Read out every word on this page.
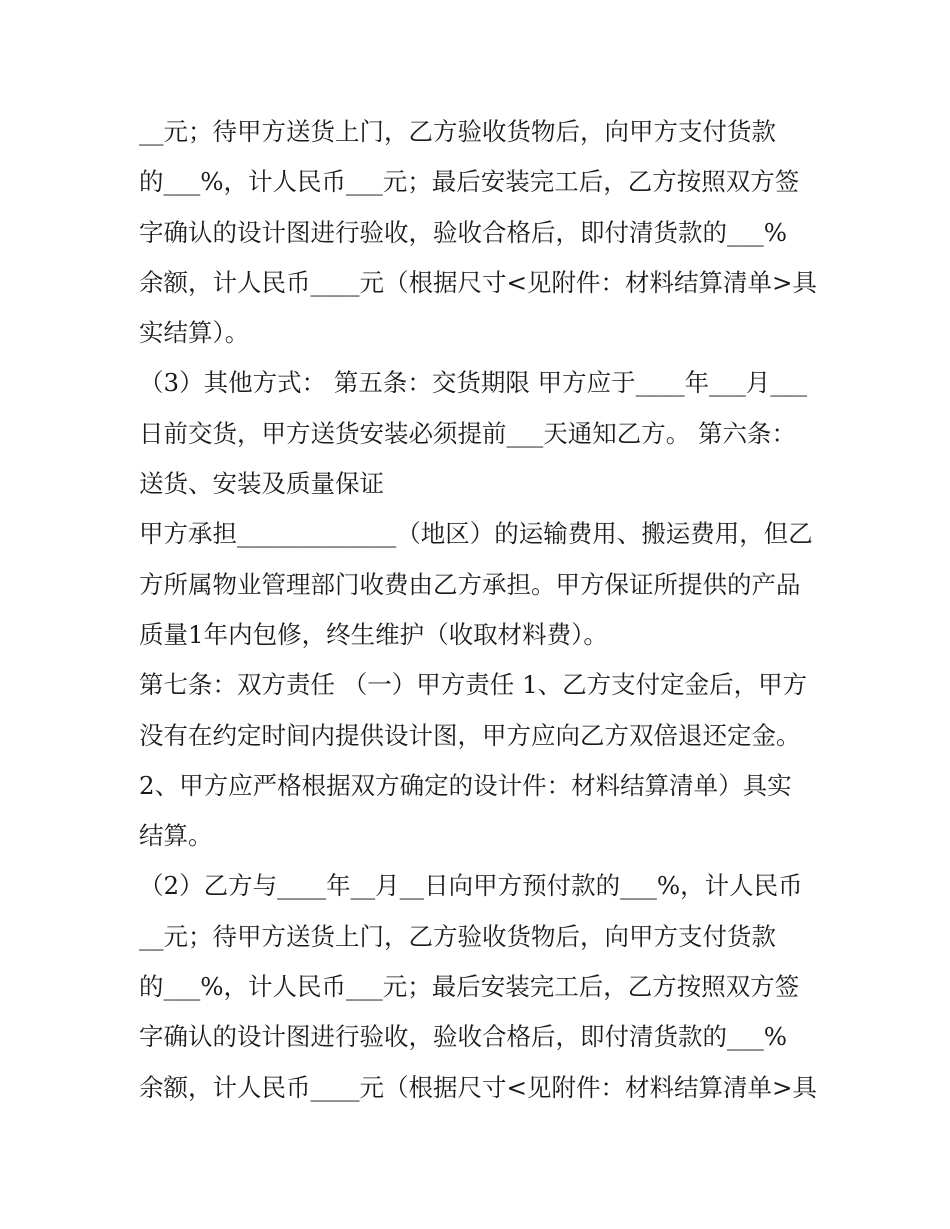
__元；待甲方送货上门，乙方验收货物后，向甲方支付货款
的___%，计人民币___元；最后安装完工后，乙方按照双方签
字确认的设计图进行验收，验收合格后，即付清货款的___%
余额，计人民币____元（根据尺寸<见附件：材料结算清单>具
实结算）。
（3）其他方式： 第五条：交货期限 甲方应于____年___月___
日前交货，甲方送货安装必须提前___天通知乙方。 第六条：
送货、安装及质量保证
甲方承担_____________（地区）的运输费用、搬运费用，但乙
方所属物业管理部门收费由乙方承担。甲方保证所提供的产品
质量1年内包修，终生维护（收取材料费）。
第七条：双方责任 （一）甲方责任 1、乙方支付定金后，甲方
没有在约定时间内提供设计图，甲方应向乙方双倍退还定金。
2、甲方应严格根据双方确定的设计件：材料结算清单）具实
结算。
（2）乙方与____年__月__日向甲方预付款的___%，计人民币
__元；待甲方送货上门，乙方验收货物后，向甲方支付货款
的___%，计人民币___元；最后安装完工后，乙方按照双方签
字确认的设计图进行验收，验收合格后，即付清货款的___%
余额，计人民币____元（根据尺寸<见附件：材料结算清单>具
